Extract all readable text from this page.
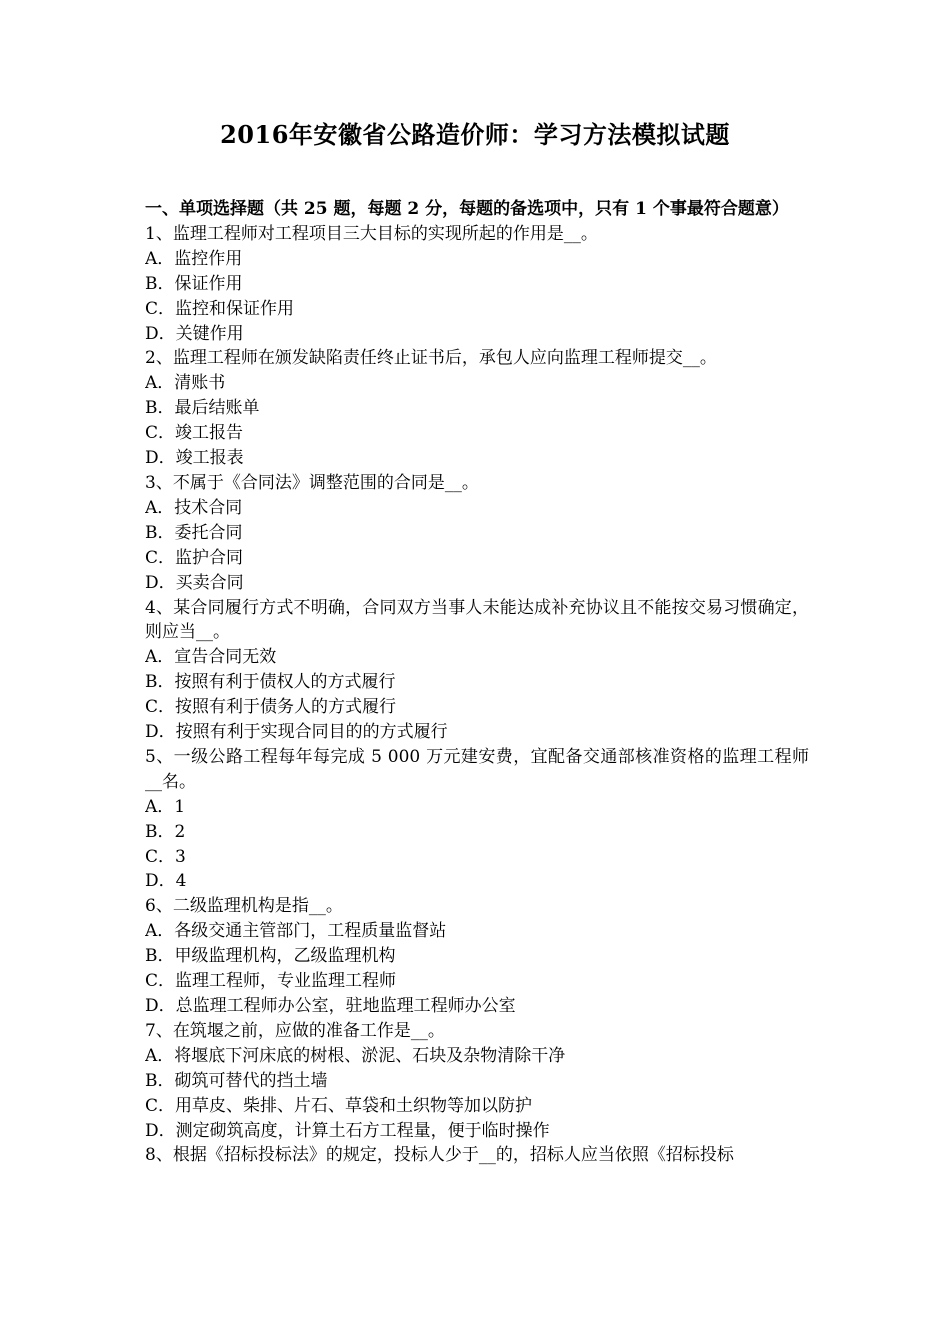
2016年安徽省公路造价师：学习方法模拟试题
一、单项选择题（共 25 题，每题 2 分，每题的备选项中，只有 1 个事最符合题意）
1、监理工程师对工程项目三大目标的实现所起的作用是__。
A．监控作用
B．保证作用
C．监控和保证作用
D．关键作用
2、监理工程师在颁发缺陷责任终止证书后，承包人应向监理工程师提交__。
A．清账书
B．最后结账单
C．竣工报告
D．竣工报表
3、不属于《合同法》调整范围的合同是__。
A．技术合同
B．委托合同
C．监护合同
D．买卖合同
4、某合同履行方式不明确，合同双方当事人未能达成补充协议且不能按交易习惯确定，则应当__。
A．宣告合同无效
B．按照有利于债权人的方式履行
C．按照有利于债务人的方式履行
D．按照有利于实现合同目的的方式履行
5、一级公路工程每年每完成 5 000 万元建安费，宜配备交通部核准资格的监理工程师__名。
A．1
B．2
C．3
D．4
6、二级监理机构是指__。
A．各级交通主管部门，工程质量监督站
B．甲级监理机构，乙级监理机构
C．监理工程师，专业监理工程师
D．总监理工程师办公室，驻地监理工程师办公室
7、在筑堰之前，应做的准备工作是__。
A．将堰底下河床底的树根、淤泥、石块及杂物清除干净
B．砌筑可替代的挡土墙
C．用草皮、柴排、片石、草袋和土织物等加以防护
D．测定砌筑高度，计算土石方工程量，便于临时操作
8、根据《招标投标法》的规定，投标人少于__的，招标人应当依照《招标投标
